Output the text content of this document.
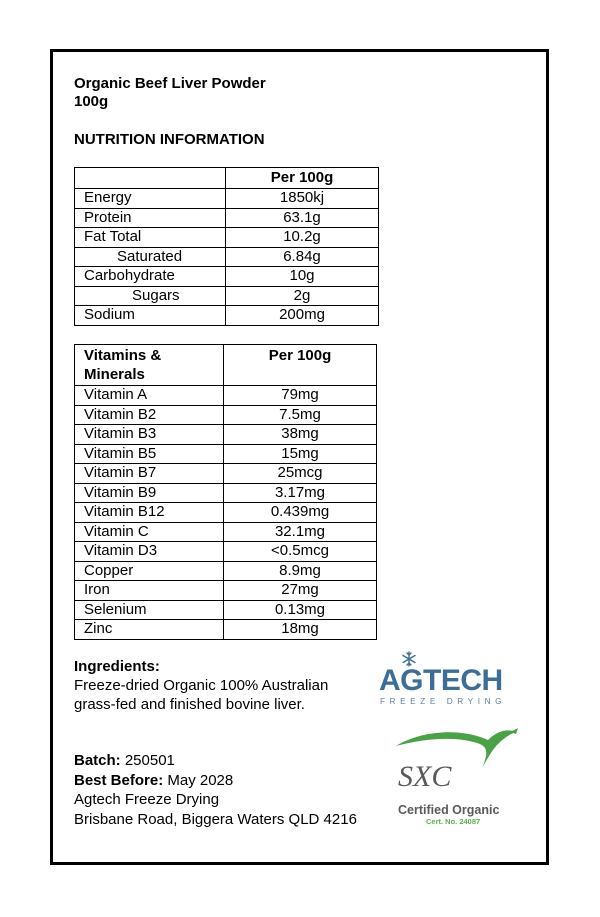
Organic Beef Liver Powder
100g
NUTRITION INFORMATION
	Per 100g
Energy	1850kj
Protein	63.1g
Fat Total	10.2g
Saturated	6.84g
Carbohydrate	10g
Sugars	2g
Sodium	200mg
Vitamins &
Minerals	Per 100g
Vitamin A	79mg
Vitamin B2	7.5mg
Vitamin B3	38mg
Vitamin B5	15mg
Vitamin B7	25mcg
Vitamin B9	3.17mg
Vitamin B12	0.439mg
Vitamin C	32.1mg
Vitamin D3	<0.5mcg
Copper	8.9mg
Iron	27mg
Selenium	0.13mg
Zinc	18mg
Ingredients:
Freeze-dried Organic 100% Australian
grass-fed and finished bovine liver.
Batch: 250501
Best Before: May 2028
Agtech Freeze Drying
Brisbane Road, Biggera Waters QLD 4216
AGTECH
FREEZE DRYING
SXC
Certified Organic
Cert. No. 24087
